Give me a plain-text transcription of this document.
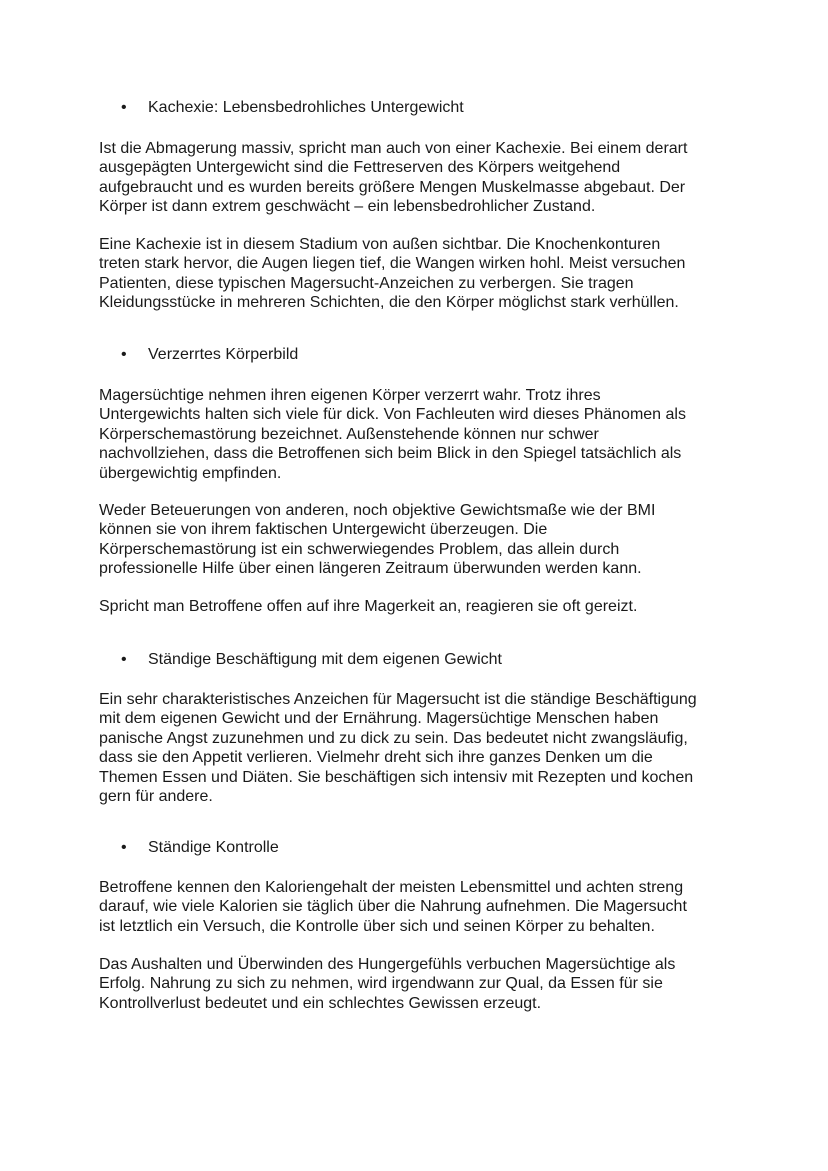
• Kachexie: Lebensbedrohliches Untergewicht
Ist die Abmagerung massiv, spricht man auch von einer Kachexie. Bei einem derart
ausgepägten Untergewicht sind die Fettreserven des Körpers weitgehend
aufgebraucht und es wurden bereits größere Mengen Muskelmasse abgebaut. Der
Körper ist dann extrem geschwächt – ein lebensbedrohlicher Zustand.
Eine Kachexie ist in diesem Stadium von außen sichtbar. Die Knochenkonturen
treten stark hervor, die Augen liegen tief, die Wangen wirken hohl. Meist versuchen
Patienten, diese typischen Magersucht-Anzeichen zu verbergen. Sie tragen
Kleidungsstücke in mehreren Schichten, die den Körper möglichst stark verhüllen.
• Verzerrtes Körperbild
Magersüchtige nehmen ihren eigenen Körper verzerrt wahr. Trotz ihres
Untergewichts halten sich viele für dick. Von Fachleuten wird dieses Phänomen als
Körperschemastörung bezeichnet. Außenstehende können nur schwer
nachvollziehen, dass die Betroffenen sich beim Blick in den Spiegel tatsächlich als
übergewichtig empfinden.
Weder Beteuerungen von anderen, noch objektive Gewichtsmaße wie der BMI
können sie von ihrem faktischen Untergewicht überzeugen. Die
Körperschemastörung ist ein schwerwiegendes Problem, das allein durch
professionelle Hilfe über einen längeren Zeitraum überwunden werden kann.
Spricht man Betroffene offen auf ihre Magerkeit an, reagieren sie oft gereizt.
• Ständige Beschäftigung mit dem eigenen Gewicht
Ein sehr charakteristisches Anzeichen für Magersucht ist die ständige Beschäftigung
mit dem eigenen Gewicht und der Ernährung. Magersüchtige Menschen haben
panische Angst zuzunehmen und zu dick zu sein. Das bedeutet nicht zwangsläufig,
dass sie den Appetit verlieren. Vielmehr dreht sich ihre ganzes Denken um die
Themen Essen und Diäten. Sie beschäftigen sich intensiv mit Rezepten und kochen
gern für andere.
• Ständige Kontrolle
Betroffene kennen den Kaloriengehalt der meisten Lebensmittel und achten streng
darauf, wie viele Kalorien sie täglich über die Nahrung aufnehmen. Die Magersucht
ist letztlich ein Versuch, die Kontrolle über sich und seinen Körper zu behalten.
Das Aushalten und Überwinden des Hungergefühls verbuchen Magersüchtige als
Erfolg. Nahrung zu sich zu nehmen, wird irgendwann zur Qual, da Essen für sie
Kontrollverlust bedeutet und ein schlechtes Gewissen erzeugt.
